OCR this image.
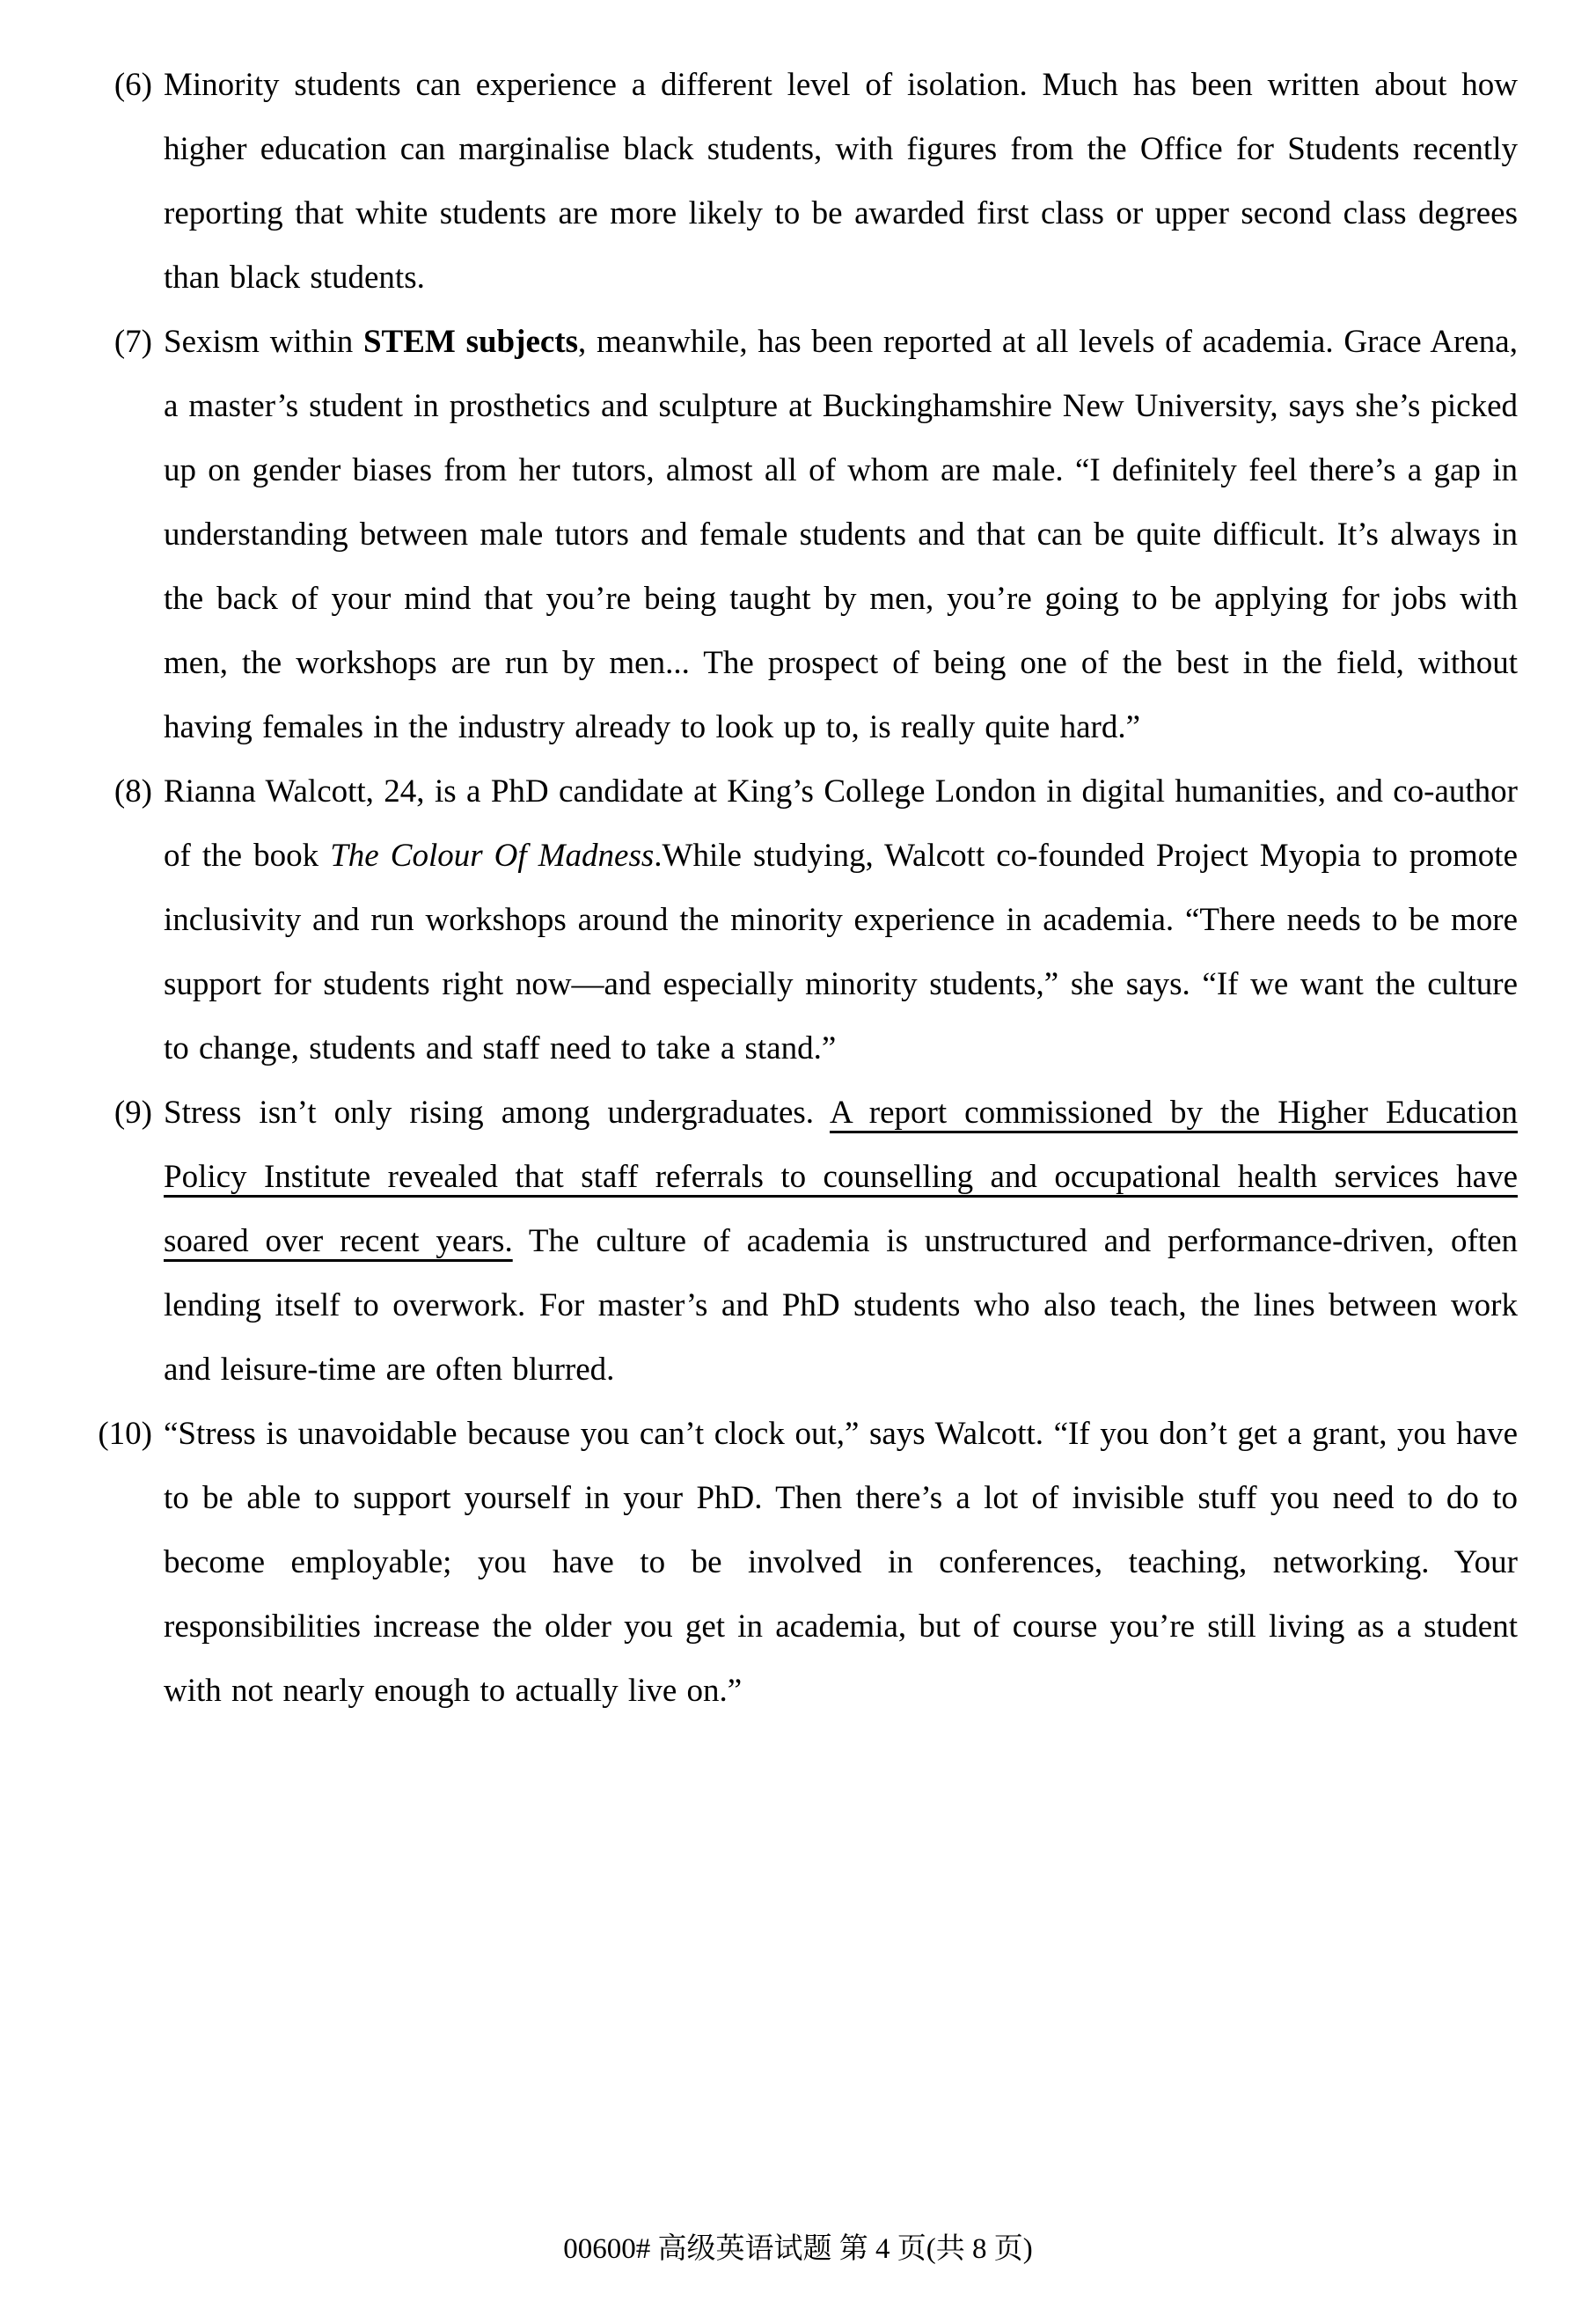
(6) Minority students can experience a different level of isolation. Much has been written about how higher education can marginalise black students, with figures from the Office for Students recently reporting that white students are more likely to be awarded first class or upper second class degrees than black students.

(7) Sexism within STEM subjects, meanwhile, has been reported at all levels of academia. Grace Arena, a master’s student in prosthetics and sculpture at Buckinghamshire New University, says she’s picked up on gender biases from her tutors, almost all of whom are male. “I definitely feel there’s a gap in understanding between male tutors and female students and that can be quite difficult. It’s always in the back of your mind that you’re being taught by men, you’re going to be applying for jobs with men, the workshops are run by men... The prospect of being one of the best in the field, without having females in the industry already to look up to, is really quite hard.”

(8) Rianna Walcott, 24, is a PhD candidate at King’s College London in digital humanities, and co-author of the book The Colour Of Madness.While studying, Walcott co-founded Project Myopia to promote inclusivity and run workshops around the minority experience in academia. “There needs to be more support for students right now—and especially minority students,” she says. “If we want the culture to change, students and staff need to take a stand.”

(9) Stress isn’t only rising among undergraduates. A report commissioned by the Higher Education Policy Institute revealed that staff referrals to counselling and occupational health services have soared over recent years. The culture of academia is unstructured and performance-driven, often lending itself to overwork. For master’s and PhD students who also teach, the lines between work and leisure-time are often blurred.

(10) “Stress is unavoidable because you can’t clock out,” says Walcott. “If you don’t get a grant, you have to be able to support yourself in your PhD. Then there’s a lot of invisible stuff you need to do to become employable; you have to be involved in conferences, teaching, networking. Your responsibilities increase the older you get in academia, but of course you’re still living as a student with not nearly enough to actually live on.”

00600# 高级英语试题 第 4 页(共 8 页)
